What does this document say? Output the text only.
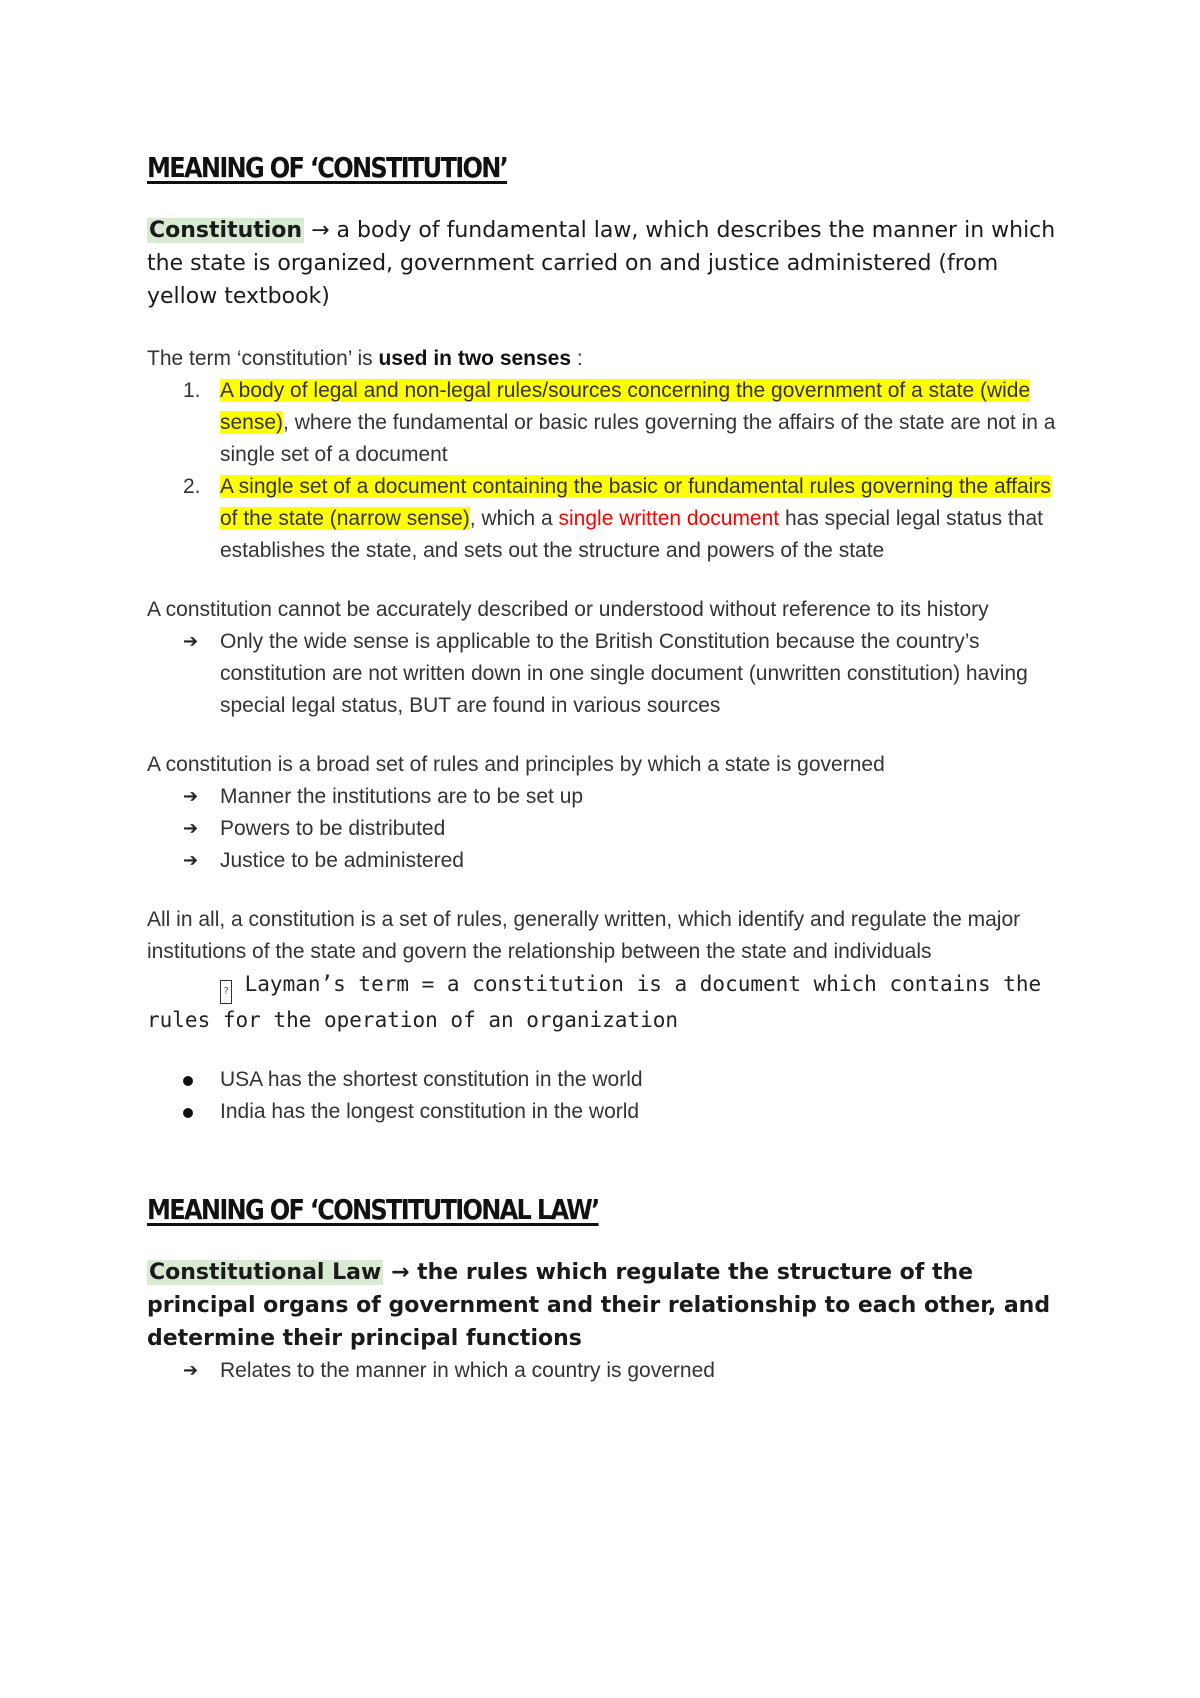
MEANING OF ‘CONSTITUTION’

Constitution → a body of fundamental law, which describes the manner in which the state is organized, government carried on and justice administered (from yellow textbook)

The term ‘constitution’ is used in two senses :

1. A body of legal and non-legal rules/sources concerning the government of a state (wide sense), where the fundamental or basic rules governing the affairs of the state are not in a single set of a document
2. A single set of a document containing the basic or fundamental rules governing the affairs of the state (narrow sense), which a single written document has special legal status that establishes the state, and sets out the structure and powers of the state

A constitution cannot be accurately described or understood without reference to its history

➔ Only the wide sense is applicable to the British Constitution because the country’s constitution are not written down in one single document (unwritten constitution) having special legal status, BUT are found in various sources

A constitution is a broad set of rules and principles by which a state is governed

➔ Manner the institutions are to be set up
➔ Powers to be distributed
➔ Justice to be administered

All in all, a constitution is a set of rules, generally written, which identify and regulate the major institutions of the state and govern the relationship between the state and individuals

? Layman’s term = a constitution is a document which contains the rules for the operation of an organization

USA has the shortest constitution in the world
India has the longest constitution in the world
MEANING OF ‘CONSTITUTIONAL LAW’

Constitutional Law → the rules which regulate the structure of the principal organs of government and their relationship to each other, and determine their principal functions

➔ Relates to the manner in which a country is governed
